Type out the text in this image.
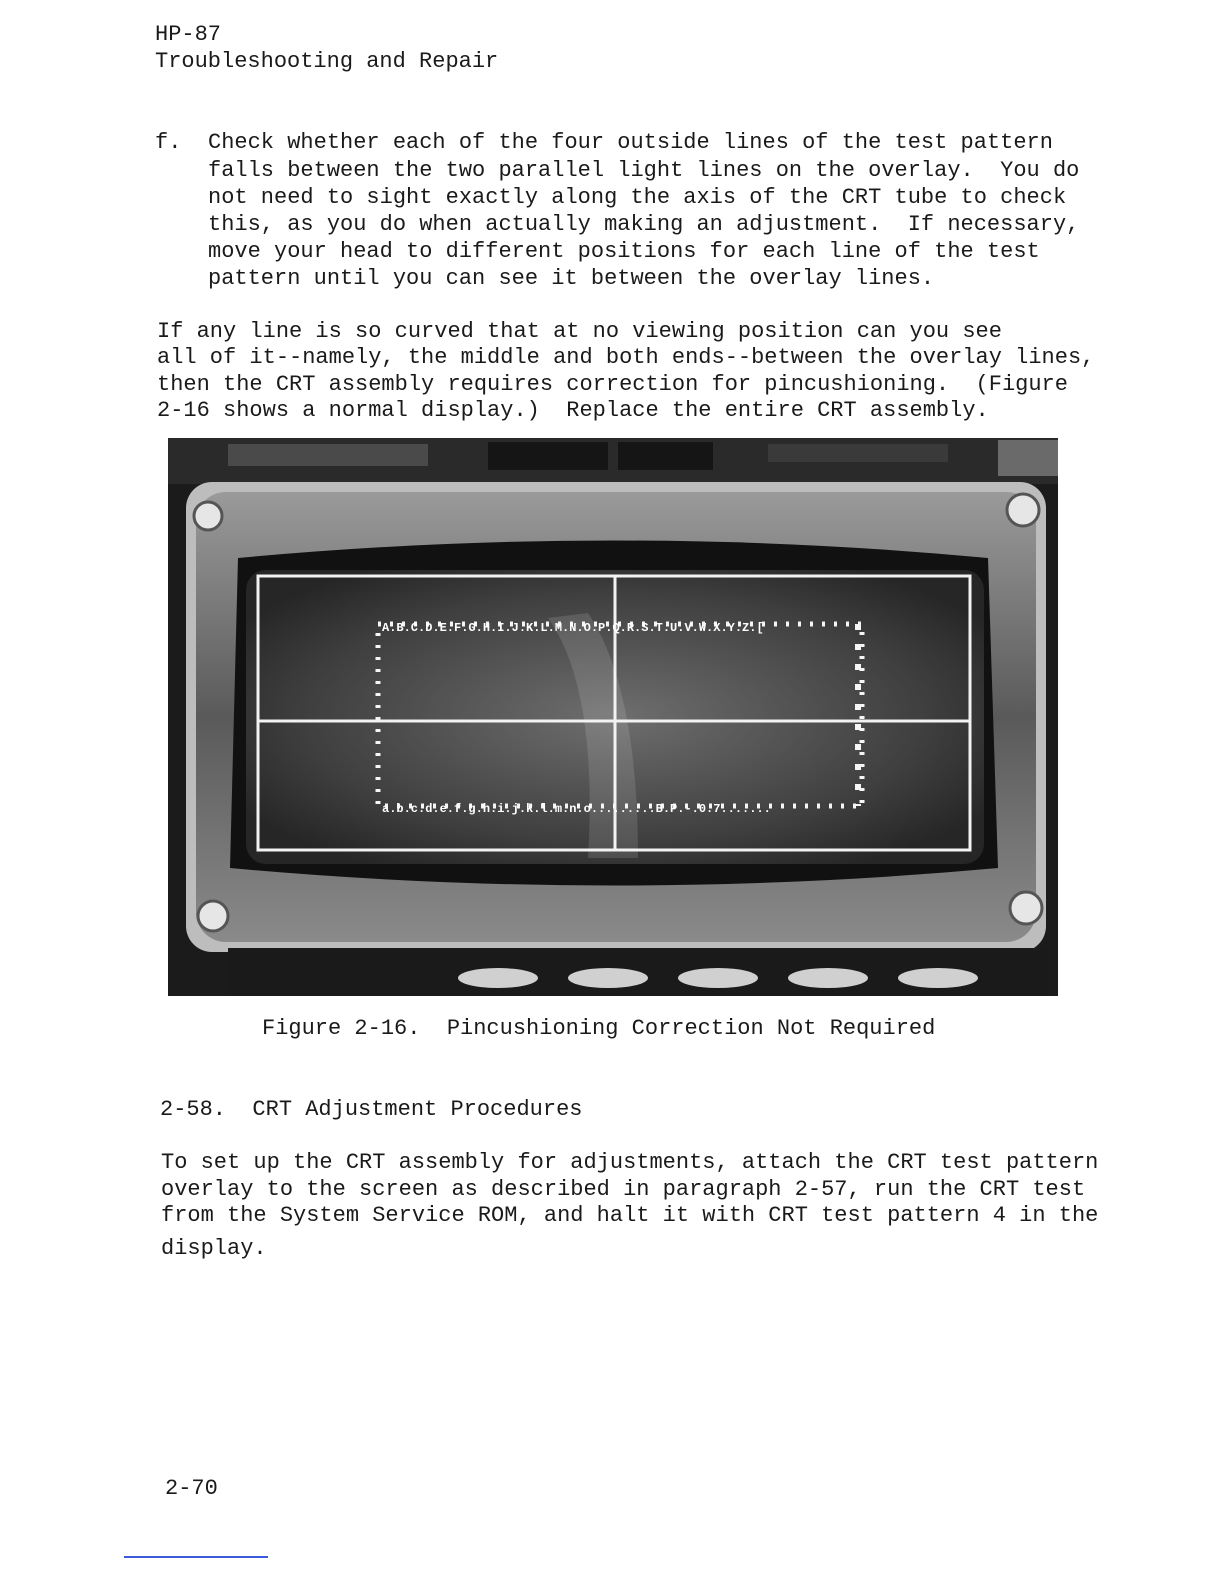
HP-87
Troubleshooting and Repair
f. Check whether each of the four outside lines of the test pattern
falls between the two parallel light lines on the overlay.  You do
not need to sight exactly along the axis of the CRT tube to check
this, as you do when actually making an adjustment.  If necessary,
move your head to different positions for each line of the test
pattern until you can see it between the overlay lines.
If any line is so curved that at no viewing position can you see
all of it--namely, the middle and both ends--between the overlay lines,
then the CRT assembly requires correction for pincushioning.  (Figure
2-16 shows a normal display.)  Replace the entire CRT assembly.
A.B.C.D.E.F.G.H.I.J.K.L.M.N.O.P.Q.R.S.T.U.V.W.X.Y.Z.[
a.b.c.d.e.f.g.h.i.j.k.l.m.n.o.........B.P.-.0.7.......
Figure 2-16.  Pincushioning Correction Not Required
2-58.  CRT Adjustment Procedures
To set up the CRT assembly for adjustments, attach the CRT test pattern
overlay to the screen as described in paragraph 2-57, run the CRT test
from the System Service ROM, and halt it with CRT test pattern 4 in the
display.
2-70
